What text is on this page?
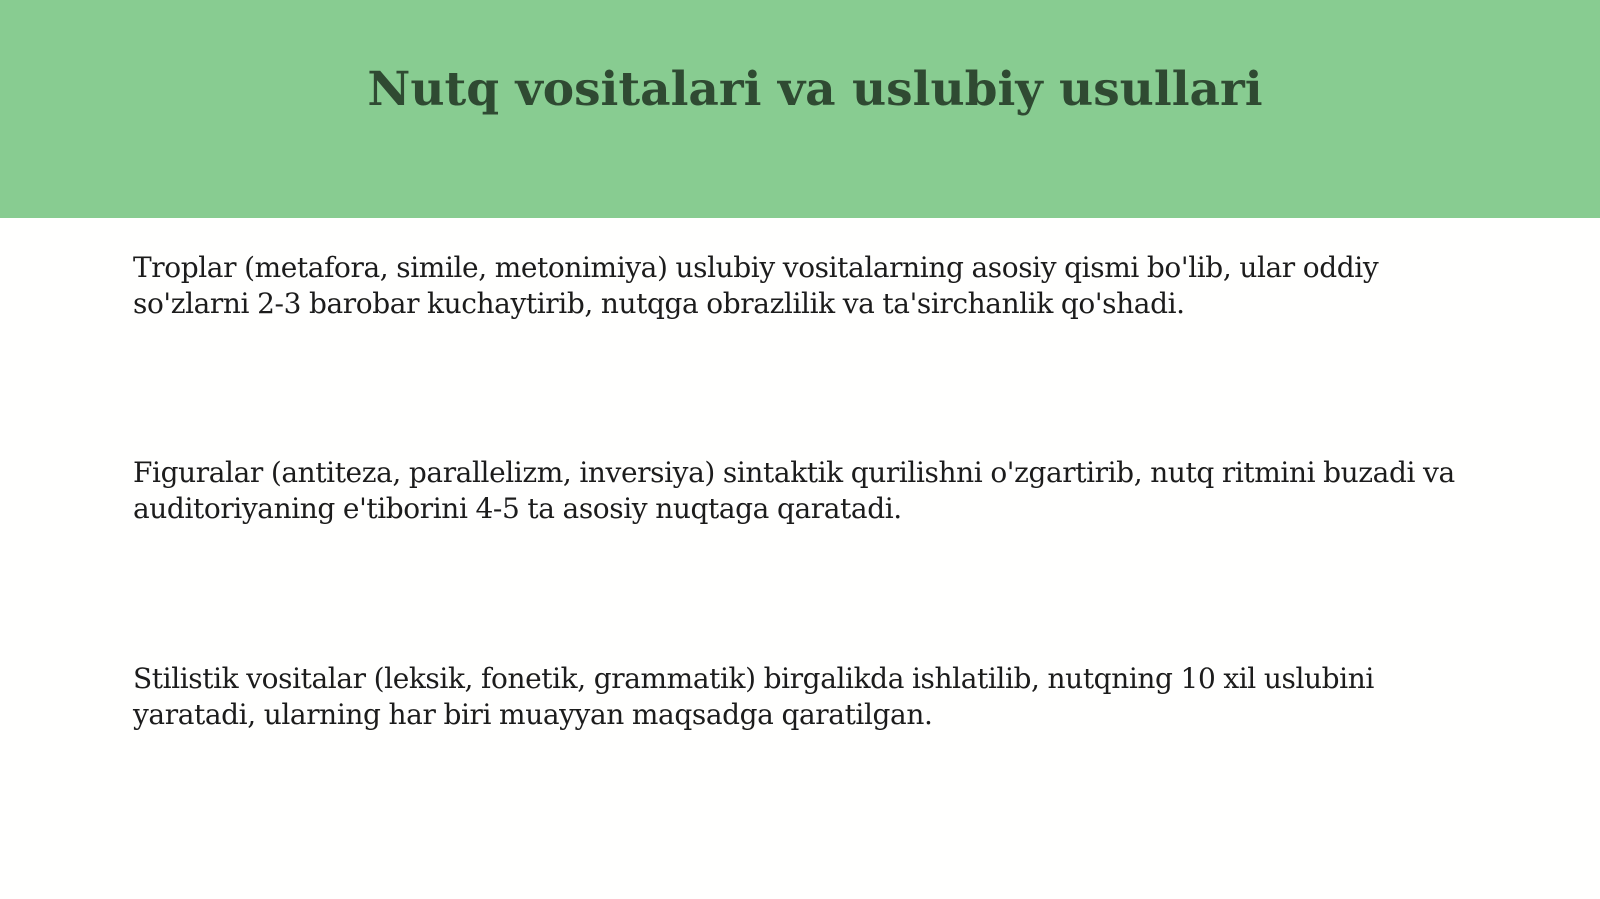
Nutq vositalari va uslubiy usullari

Troplar (metafora, simile, metonimiya) uslubiy vositalarning asosiy qismi bo'lib, ular oddiy so'zlarni 2-3 barobar kuchaytirib, nutqga obrazlilik va ta'sirchanlik qo'shadi.

Figuralar (antiteza, parallelizm, inversiya) sintaktik qurilishni o'zgartirib, nutq ritmini buzadi va auditoriyaning e'tiborini 4-5 ta asosiy nuqtaga qaratadi.

Stilistik vositalar (leksik, fonetik, grammatik) birgalikda ishlatilib, nutqning 10 xil uslubini yaratadi, ularning har biri muayyan maqsadga qaratilgan.
